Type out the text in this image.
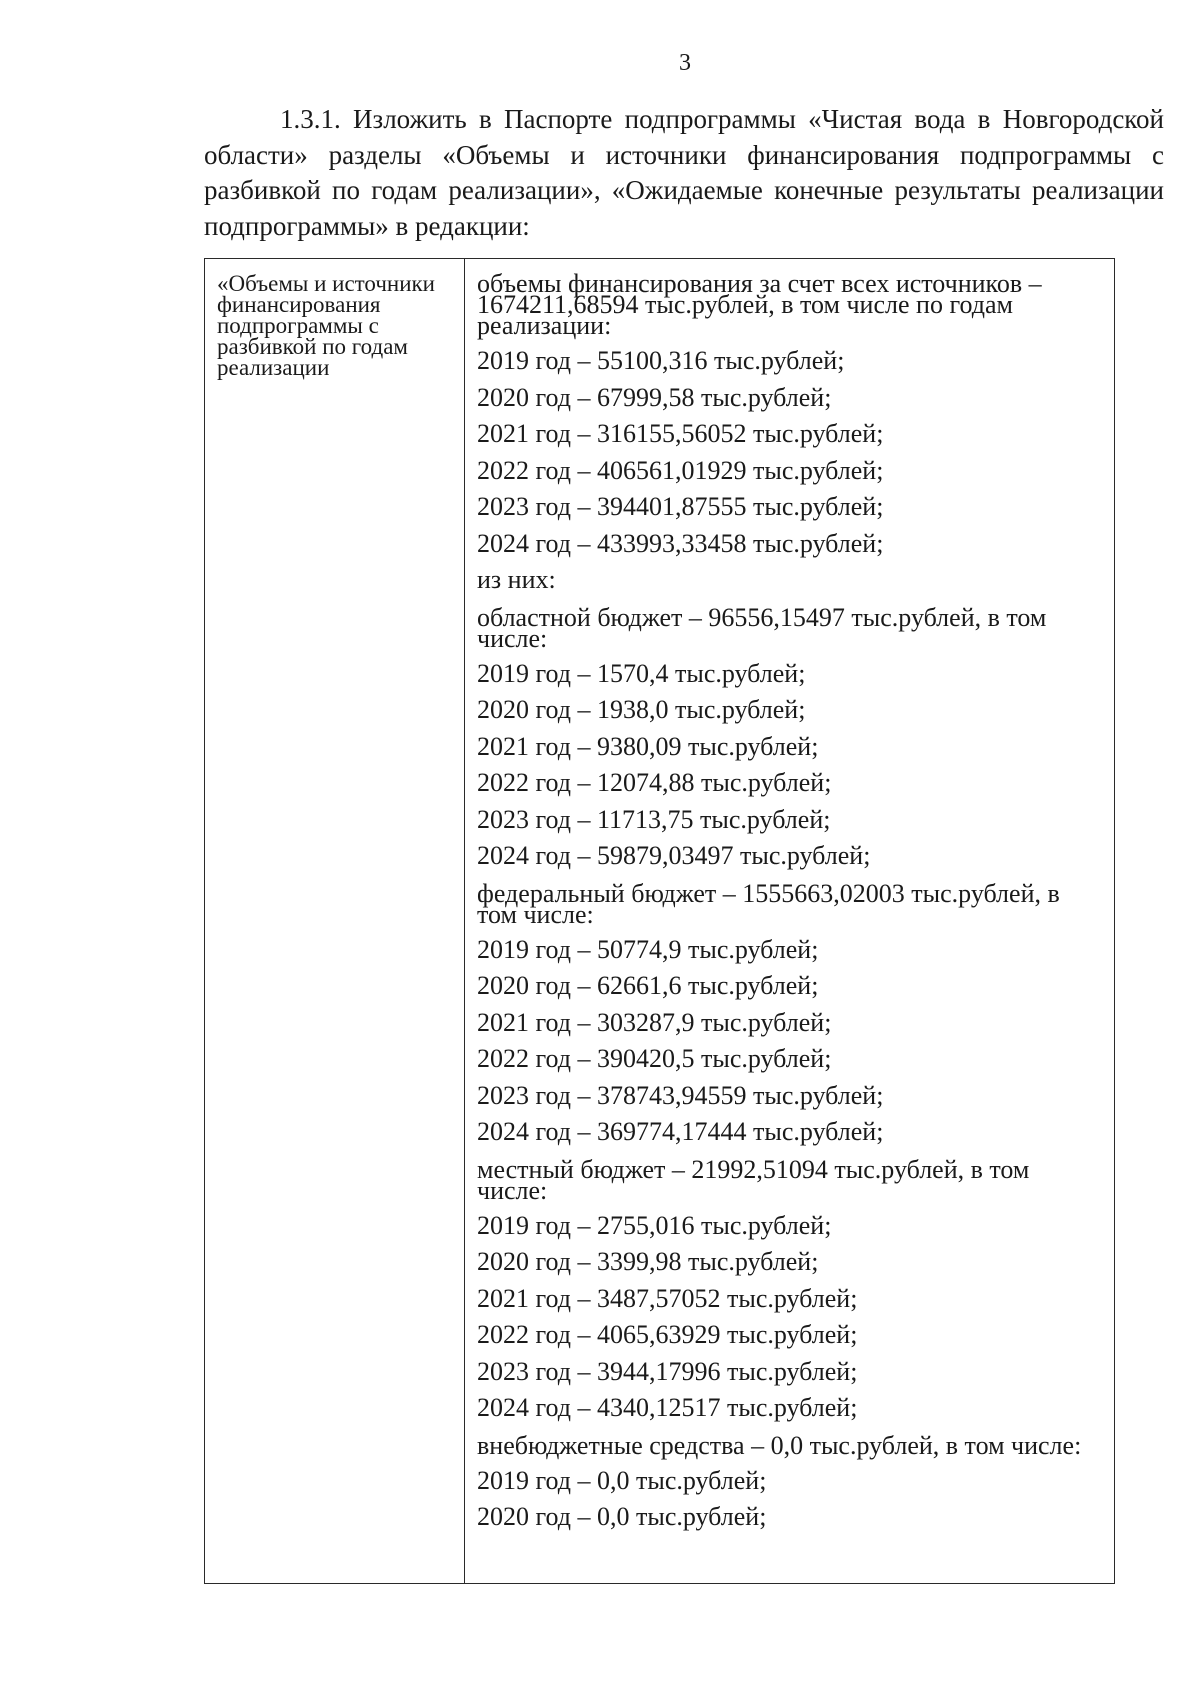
3
1.3.1. Изложить в Паспорте подпрограммы «Чистая вода в Новгородской области» разделы «Объемы и источники финансирования подпрограммы с разбивкой по годам реализации», «Ожидаемые конечные результаты реализации подпрограммы» в редакции:
«Объемы и источники финансирования подпрограммы с разбивкой по годам реализации
объемы финансирования за счет всех источников – 1674211,68594 тыс.рублей, в том числе по годам реализации:
2019 год – 55100,316 тыс.рублей;
2020 год – 67999,58 тыс.рублей;
2021 год – 316155,56052 тыс.рублей;
2022 год – 406561,01929 тыс.рублей;
2023 год – 394401,87555 тыс.рублей;
2024 год – 433993,33458 тыс.рублей;
из них:
областной бюджет – 96556,15497 тыс.рублей, в том числе:
2019 год – 1570,4 тыс.рублей;
2020 год – 1938,0 тыс.рублей;
2021 год – 9380,09 тыс.рублей;
2022 год – 12074,88 тыс.рублей;
2023 год – 11713,75 тыс.рублей;
2024 год – 59879,03497 тыс.рублей;
федеральный бюджет – 1555663,02003 тыс.рублей, в том числе:
2019 год – 50774,9 тыс.рублей;
2020 год – 62661,6 тыс.рублей;
2021 год – 303287,9 тыс.рублей;
2022 год – 390420,5 тыс.рублей;
2023 год – 378743,94559 тыс.рублей;
2024 год – 369774,17444 тыс.рублей;
местный бюджет – 21992,51094 тыс.рублей, в том числе:
2019 год – 2755,016 тыс.рублей;
2020 год – 3399,98 тыс.рублей;
2021 год – 3487,57052 тыс.рублей;
2022 год – 4065,63929 тыс.рублей;
2023 год – 3944,17996 тыс.рублей;
2024 год – 4340,12517 тыс.рублей;
внебюджетные средства – 0,0 тыс.рублей, в том числе:
2019 год – 0,0 тыс.рублей;
2020 год – 0,0 тыс.рублей;
